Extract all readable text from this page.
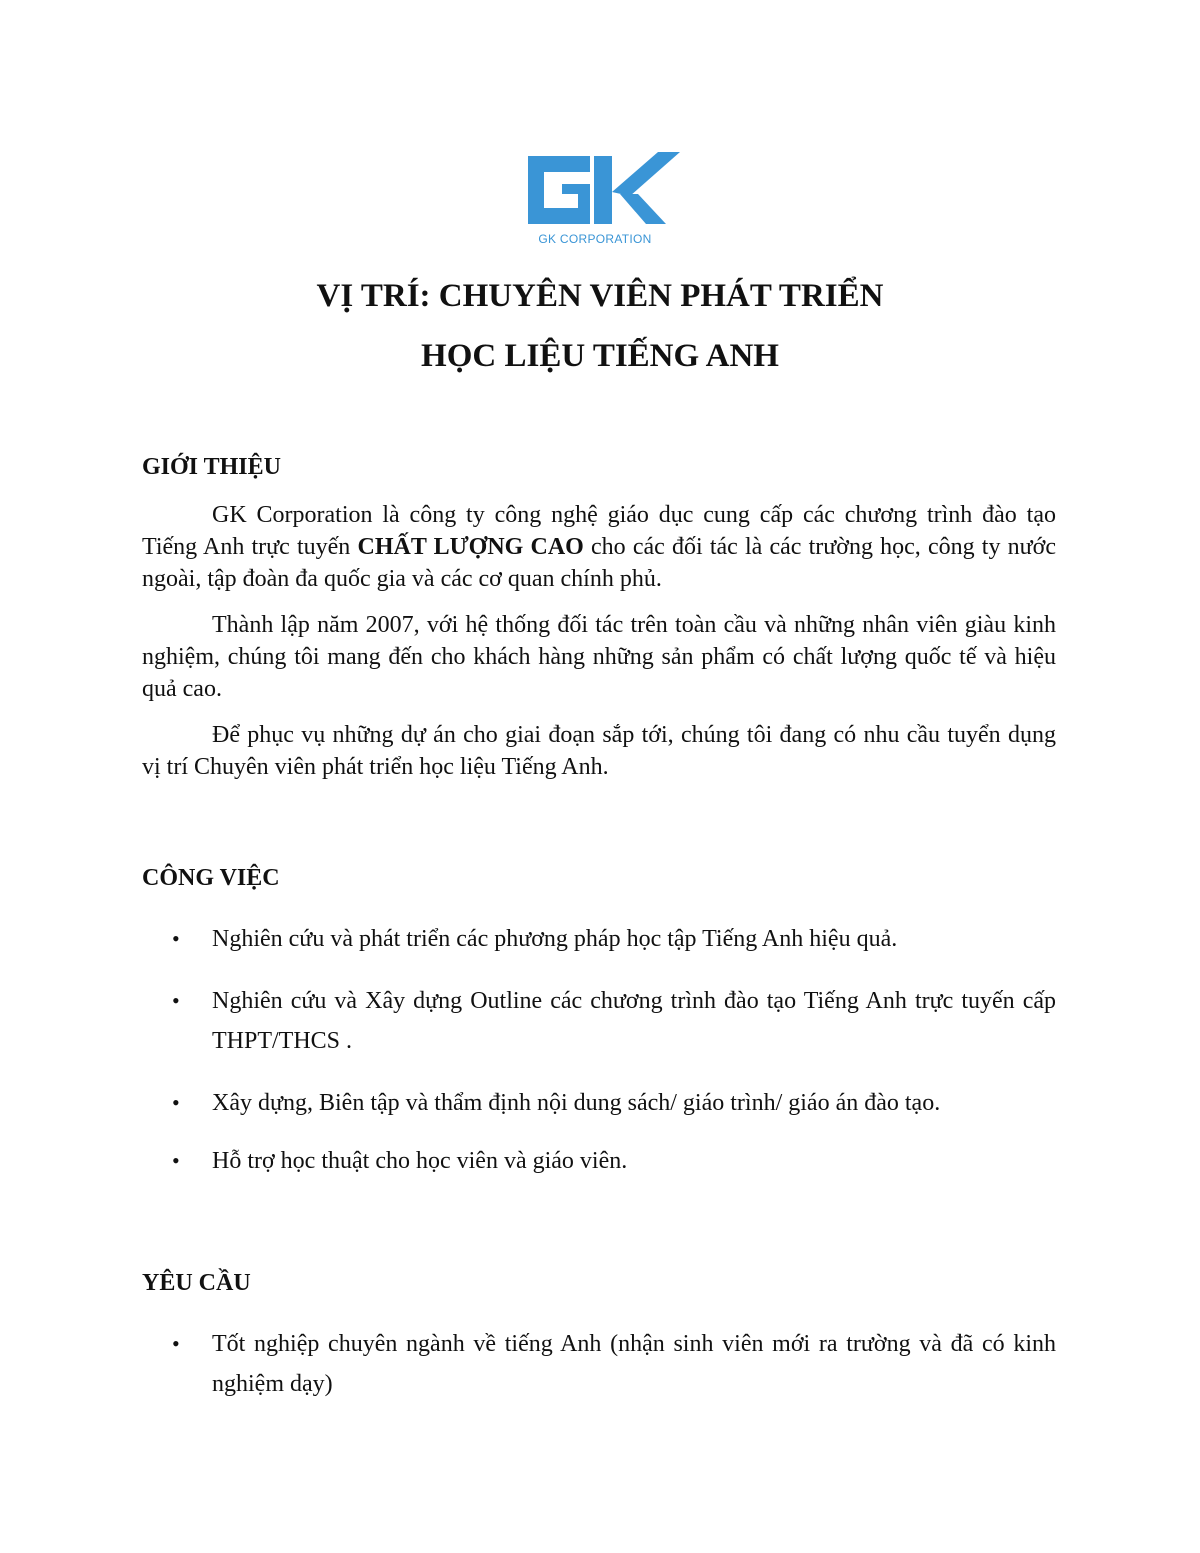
GK CORPORATION
VỊ TRÍ: CHUYÊN VIÊN PHÁT TRIỂN
HỌC LIỆU TIẾNG ANH
GIỚI THIỆU

GK Corporation là công ty công nghệ giáo dục cung cấp các chương trình đào tạo Tiếng Anh trực tuyến CHẤT LƯỢNG CAO cho các đối tác là các trường học, công ty nước ngoài, tập đoàn đa quốc gia và các cơ quan chính phủ.

Thành lập năm 2007, với hệ thống đối tác trên toàn cầu và những nhân viên giàu kinh nghiệm, chúng tôi mang đến cho khách hàng những sản phẩm có chất lượng quốc tế và hiệu quả cao.

Để phục vụ những dự án cho giai đoạn sắp tới, chúng tôi đang có nhu cầu tuyển dụng vị trí Chuyên viên phát triển học liệu Tiếng Anh.

CÔNG VIỆC
• Nghiên cứu và phát triển các phương pháp học tập Tiếng Anh hiệu quả.
• Nghiên cứu và Xây dựng Outline các chương trình đào tạo Tiếng Anh trực tuyến cấp THPT/THCS .
• Xây dựng, Biên tập và thẩm định nội dung sách/ giáo trình/ giáo án đào tạo.
• Hỗ trợ học thuật cho học viên và giáo viên.
YÊU CẦU
• Tốt nghiệp chuyên ngành về tiếng Anh (nhận sinh viên mới ra trường và đã có kinh nghiệm dạy)
